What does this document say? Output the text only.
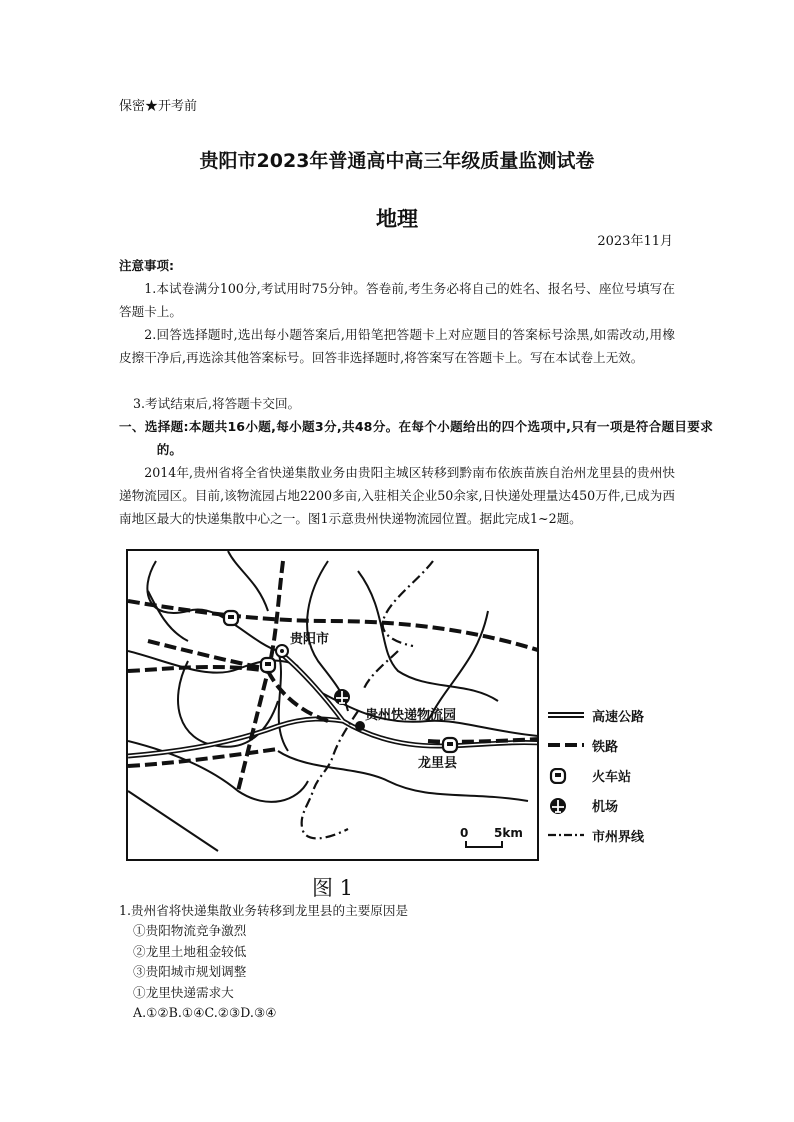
保密★开考前
贵阳市2023年普通高中高三年级质量监测试卷
地理
2023年11月
注意事项:
1.本试卷满分100分,考试用时75分钟。答卷前,考生务必将自己的姓名、报名号、座位号填写在答题卡上。
2.回答选择题时,选出每小题答案后,用铅笔把答题卡上对应题目的答案标号涂黑,如需改动,用橡皮擦干净后,再选涂其他答案标号。回答非选择题时,将答案写在答题卡上。写在本试卷上无效。
3.考试结束后,将答题卡交回。
一、选择题:本题共16小题,每小题3分,共48分。在每个小题给出的四个选项中,只有一项是符合题目要求的。
2014年,贵州省将全省快递集散业务由贵阳主城区转移到黔南布依族苗族自治州龙里县的贵州快递物流园区。目前,该物流园占地2200多亩,入驻相关企业50余家,日快递处理量达450万件,已成为西南地区最大的快递集散中心之一。图1示意贵州快递物流园位置。据此完成1~2题。
贵阳市
贵州快递物流园
龙里县
0 5km
高速公路
铁路
火车站
机场
市州界线
图 1
1.贵州省将快递集散业务转移到龙里县的主要原因是
①贵阳物流竞争激烈
②龙里土地租金较低
③贵阳城市规划调整
①龙里快递需求大
A.①②B.①④C.②③D.③④
